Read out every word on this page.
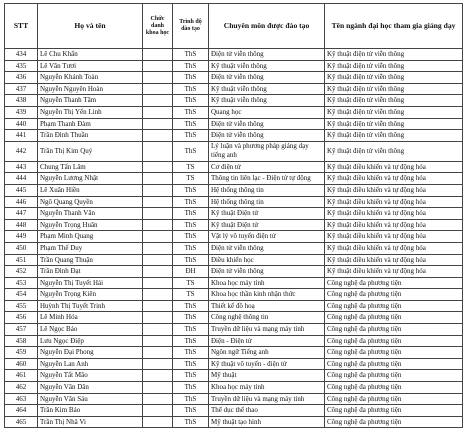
STT	Họ và tên	Chức danh khoa học	Trình độ đào tạo	Chuyên môn được đào tạo	Tên ngành đại học tham gia giảng dạy
434	Lê Chu Khẩn		ThS	Điện tử viễn thông	Kỹ thuật điện tử viễn thông
435	Lê Văn Tươi		ThS	Kỹ thuật viễn thông	Kỹ thuật điện tử viễn thông
436	Nguyễn Khánh Toàn		ThS	Điện tử viễn thông	Kỹ thuật điện tử viễn thông
437	Nguyễn Nguyên Hoàn		ThS	Kỹ thuật viễn thông	Kỹ thuật điện tử viễn thông
438	Nguyễn Thanh Tâm		ThS	Kỹ thuật viễn thông	Kỹ thuật điện tử viễn thông
439	Nguyễn Thị Yến Linh		ThS	Quang học	Kỹ thuật điện tử viễn thông
440	Phạm Thanh Đàm		ThS	Điện tử viễn thông	Kỹ thuật điện tử viễn thông
441	Trần Đình Thuần		ThS	Điện tử viễn thông	Kỹ thuật điện tử viễn thông
442	Trần Thị Kim Quý		ThS	Lý luận và phương pháp giảng dạy tiếng anh	Kỹ thuật điện tử viễn thông
443	Chung Tấn Lâm		TS	Cơ điện tử	Kỹ thuật điều khiển và tự động hóa
444	Nguyễn Lương Nhật		TS	Thông tin liên lạc - Điện tử tự động	Kỹ thuật điều khiển và tự động hóa
445	Lê Xuân Hiền		ThS	Hệ thống thông tin	Kỹ thuật điều khiển và tự động hóa
446	Ngô Quang Quyền		ThS	Hệ thống thông tin	Kỹ thuật điều khiển và tự động hóa
447	Nguyễn Thanh Văn		ThS	Kỹ thuật Điện tử	Kỹ thuật điều khiển và tự động hóa
448	Nguyễn Trọng Huân		ThS	Kỹ thuật Điện tử	Kỹ thuật điều khiển và tự động hóa
449	Phạm Minh Quang		ThS	Vật lý vô tuyến điện tử	Kỹ thuật điều khiển và tự động hóa
450	Phạm Thế Duy		ThS	Điện tử viễn thông	Kỹ thuật điều khiển và tự động hóa
451	Trần Quang Thuận		ThS	Điều khiển học	Kỹ thuật điều khiển và tự động hóa
452	Trần Đình Đạt		ĐH	Điện tử viễn thông	Kỹ thuật điều khiển và tự động hóa
453	Nguyễn Thị Tuyết Hải		TS	Khoa học máy tính	Công nghệ đa phương tiện
454	Nguyễn Trọng Kiên		TS	Khoa học thần kinh nhận thức	Công nghệ đa phương tiện
455	Huỳnh Thị Tuyết Trinh		ThS	Thiết kế đồ hoạ	Công nghệ đa phương tiện
456	Lê Minh Hóa		ThS	Công nghệ thông tin	Công nghệ đa phương tiện
457	Lê Ngọc Bảo		ThS	Truyền dữ liệu và mạng máy tính	Công nghệ đa phương tiện
458	Lưu Ngọc Điệp		ThS	Điện - Điện tử	Công nghệ đa phương tiện
459	Nguyễn Đại Phong		ThS	Ngôn ngữ Tiếng anh	Công nghệ đa phương tiện
460	Nguyễn Lan Anh		ThS	Kỹ thuật vô tuyến - điện tử	Công nghệ đa phương tiện
461	Nguyễn Tất Mão		ThS	Mỹ thuật	Công nghệ đa phương tiện
462	Nguyễn Văn Dân		ThS	Khoa học máy tính	Công nghệ đa phương tiện
463	Nguyễn Văn Sáu		ThS	Truyền dữ liệu và mạng máy tính	Công nghệ đa phương tiện
464	Trần Kim Bảo		ThS	Thể dục thể thao	Công nghệ đa phương tiện
465	Trần Thị Nhã Vi		ThS	Mỹ thuật tạo hình	Công nghệ đa phương tiện
